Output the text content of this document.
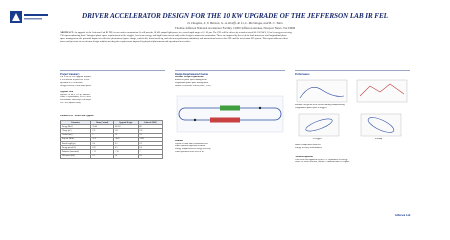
DRIVER ACCELERATOR DESIGN FOR THE 10 KW UPGRADE OF THE JEFFERSON LAB IR FEL
D. Douglas, S. V. Benson, G. A. Krafft, R. Li, L. Merminga, and B. C. Yunn
Thomas Jefferson National Accelerator Facility, 12000 Jefferson Avenue, Newport News, VA 23606
ABSTRACT: An upgrade of the Jefferson Lab IR FEL is now under construction. It will provide 10 kW output light power in a wavelength range of 2–10 µm. The FEL will be driven by a modest sized 80–210 MeV, 10 mA energy-recovering
CW superconducting linac. Stringent phase space requirements at the wiggler, low beam energy, and high beam current subject the design to numerous constraints. These are imposed by the need for both transverse and longitudinal phase
space management; the potential impact of collective phenomena (space charge, wakefields, beam break-up, and coherent synchrotron radiation); and interactions between the FEL and the accelerator RF system. This report addresses these
issues and presents an accelerator design solution meeting the requirements imposed by physical phenomena and operational necessities.
Project Summary
The 2 kW IR FEL upgrade requires
a 10x increase in power to 10 kW
operation at 2-10 microns
energy recovery of full beam power
Upgrade Path
Injector: 10 MeV, 135 pC bunches
Linac: 3 cryomodules, 80-210 MeV
Recirculator: Bates-style end loops
FEL: 8 m optical cavity
Parameter set - Before and Upgrade
Parameter	Demo (Actual)	Upgrade Design	Achieved (2003)
Energy (MeV)	35-48	80-210	88
Charge (pC)	135	135	135
Current (mA)	5	10	9.1
Rep rate (MHz)	37.4	74.85	74.85
Bunch length (ps)	0.4	0.2	0.3
Energy spread (%)	0.25	0.5	0.4
Emittance (mm-mrad)	< 13	< 30	7
FEL power (kW)	2.1	10	8.5
Design Requirements/Choices
Machine Design Requirements
transverse phase space management
longitudinal phase space management
control of collective effects (BBU, CSR)
Solution
Layout of linac and recirculation arcs
Phase matched dispersion sections
Energy compression for energy recovery
Linac operation at the crest of RF
Performance
Machine design has been verified during commissioning
Longitudinal phase space at wiggler
at wiggler	at dump
Bunch compression achieved
Energy recovery demonstrated
Acknowledgements
This work was supported by the U.S. Department of Energy
Office of Naval Research, and the Commonwealth of Virginia
Jefferson Lab
